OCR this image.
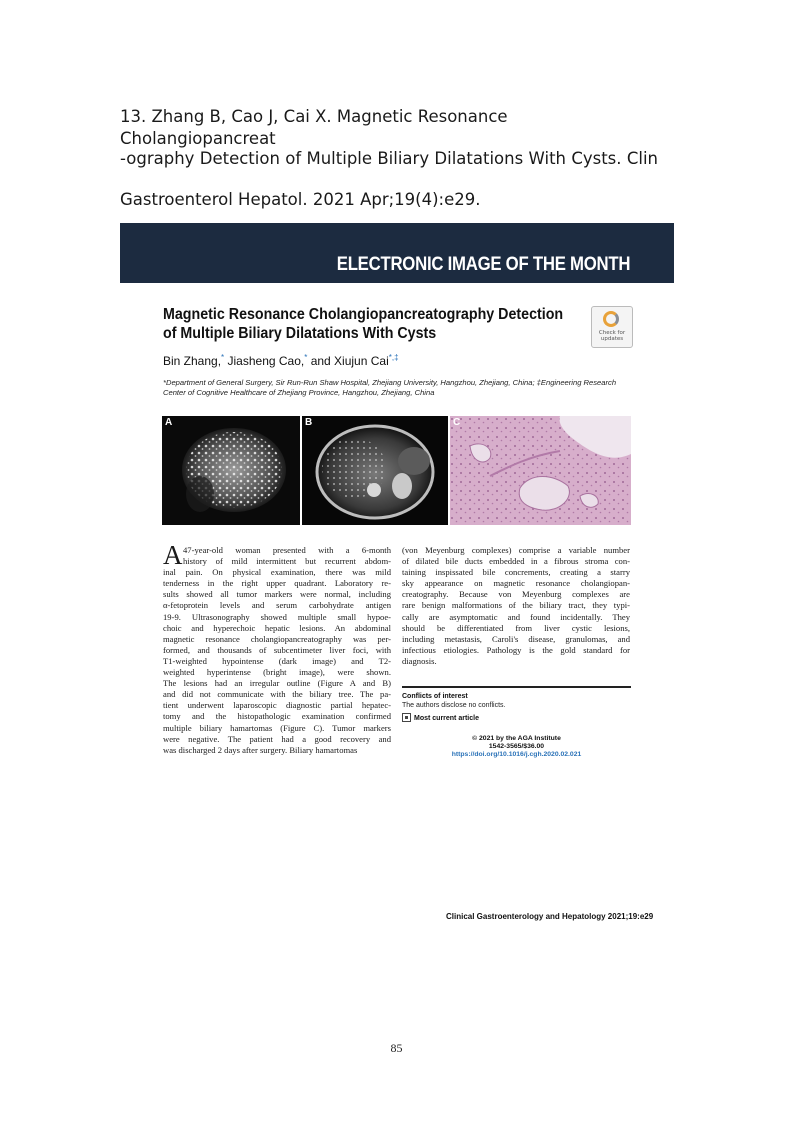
13. Zhang B, Cao J, Cai X. Magnetic Resonance Cholangiopancreat
-ography Detection of Multiple Biliary Dilatations With Cysts. Clin
Gastroenterol Hepatol. 2021 Apr;19(4):e29.
ELECTRONIC IMAGE OF THE MONTH
Magnetic Resonance Cholangiopancreatography Detection
of Multiple Biliary Dilatations With Cysts	Check for updates
Bin Zhang,* Jiasheng Cao,* and Xiujun Cai*,‡
*Department of General Surgery, Sir Run-Run Shaw Hospital, Zhejiang University, Hangzhou, Zhejiang, China; ‡Engineering Research Center of Cognitive Healthcare of Zhejiang Province, Hangzhou, Zhejiang, China
A	B	C
A 47-year-old woman presented with a 6-month
history of mild intermittent but recurrent abdom-
inal pain. On physical examination, there was mild
tenderness in the right upper quadrant. Laboratory re-
sults showed all tumor markers were normal, including
α-fetoprotein levels and serum carbohydrate antigen
19-9. Ultrasonography showed multiple small hypoe-
choic and hyperechoic hepatic lesions. An abdominal
magnetic resonance cholangiopancreatography was per-
formed, and thousands of subcentimeter liver foci, with
T1-weighted hypointense (dark image) and T2-
weighted hyperintense (bright image), were shown.
The lesions had an irregular outline (Figure A and B)
and did not communicate with the biliary tree. The pa-
tient underwent laparoscopic diagnostic partial hepatec-
tomy and the histopathologic examination confirmed
multiple biliary hamartomas (Figure C). Tumor markers
were negative. The patient had a good recovery and
was discharged 2 days after surgery. Biliary hamartomas
(von Meyenburg complexes) comprise a variable number
of dilated bile ducts embedded in a fibrous stroma con-
taining inspissated bile concrements, creating a starry
sky appearance on magnetic resonance cholangiopan-
creatography. Because von Meyenburg complexes are
rare benign malformations of the biliary tract, they typi-
cally are asymptomatic and found incidentally. They
should be differentiated from liver cystic lesions,
including metastasis, Caroli's disease, granulomas, and
infectious etiologies. Pathology is the gold standard for
diagnosis.
Conflicts of interest
The authors disclose no conflicts.
Most current article
© 2021 by the AGA Institute
1542-3565/$36.00
https://doi.org/10.1016/j.cgh.2020.02.021
Clinical Gastroenterology and Hepatology 2021;19:e29
85
